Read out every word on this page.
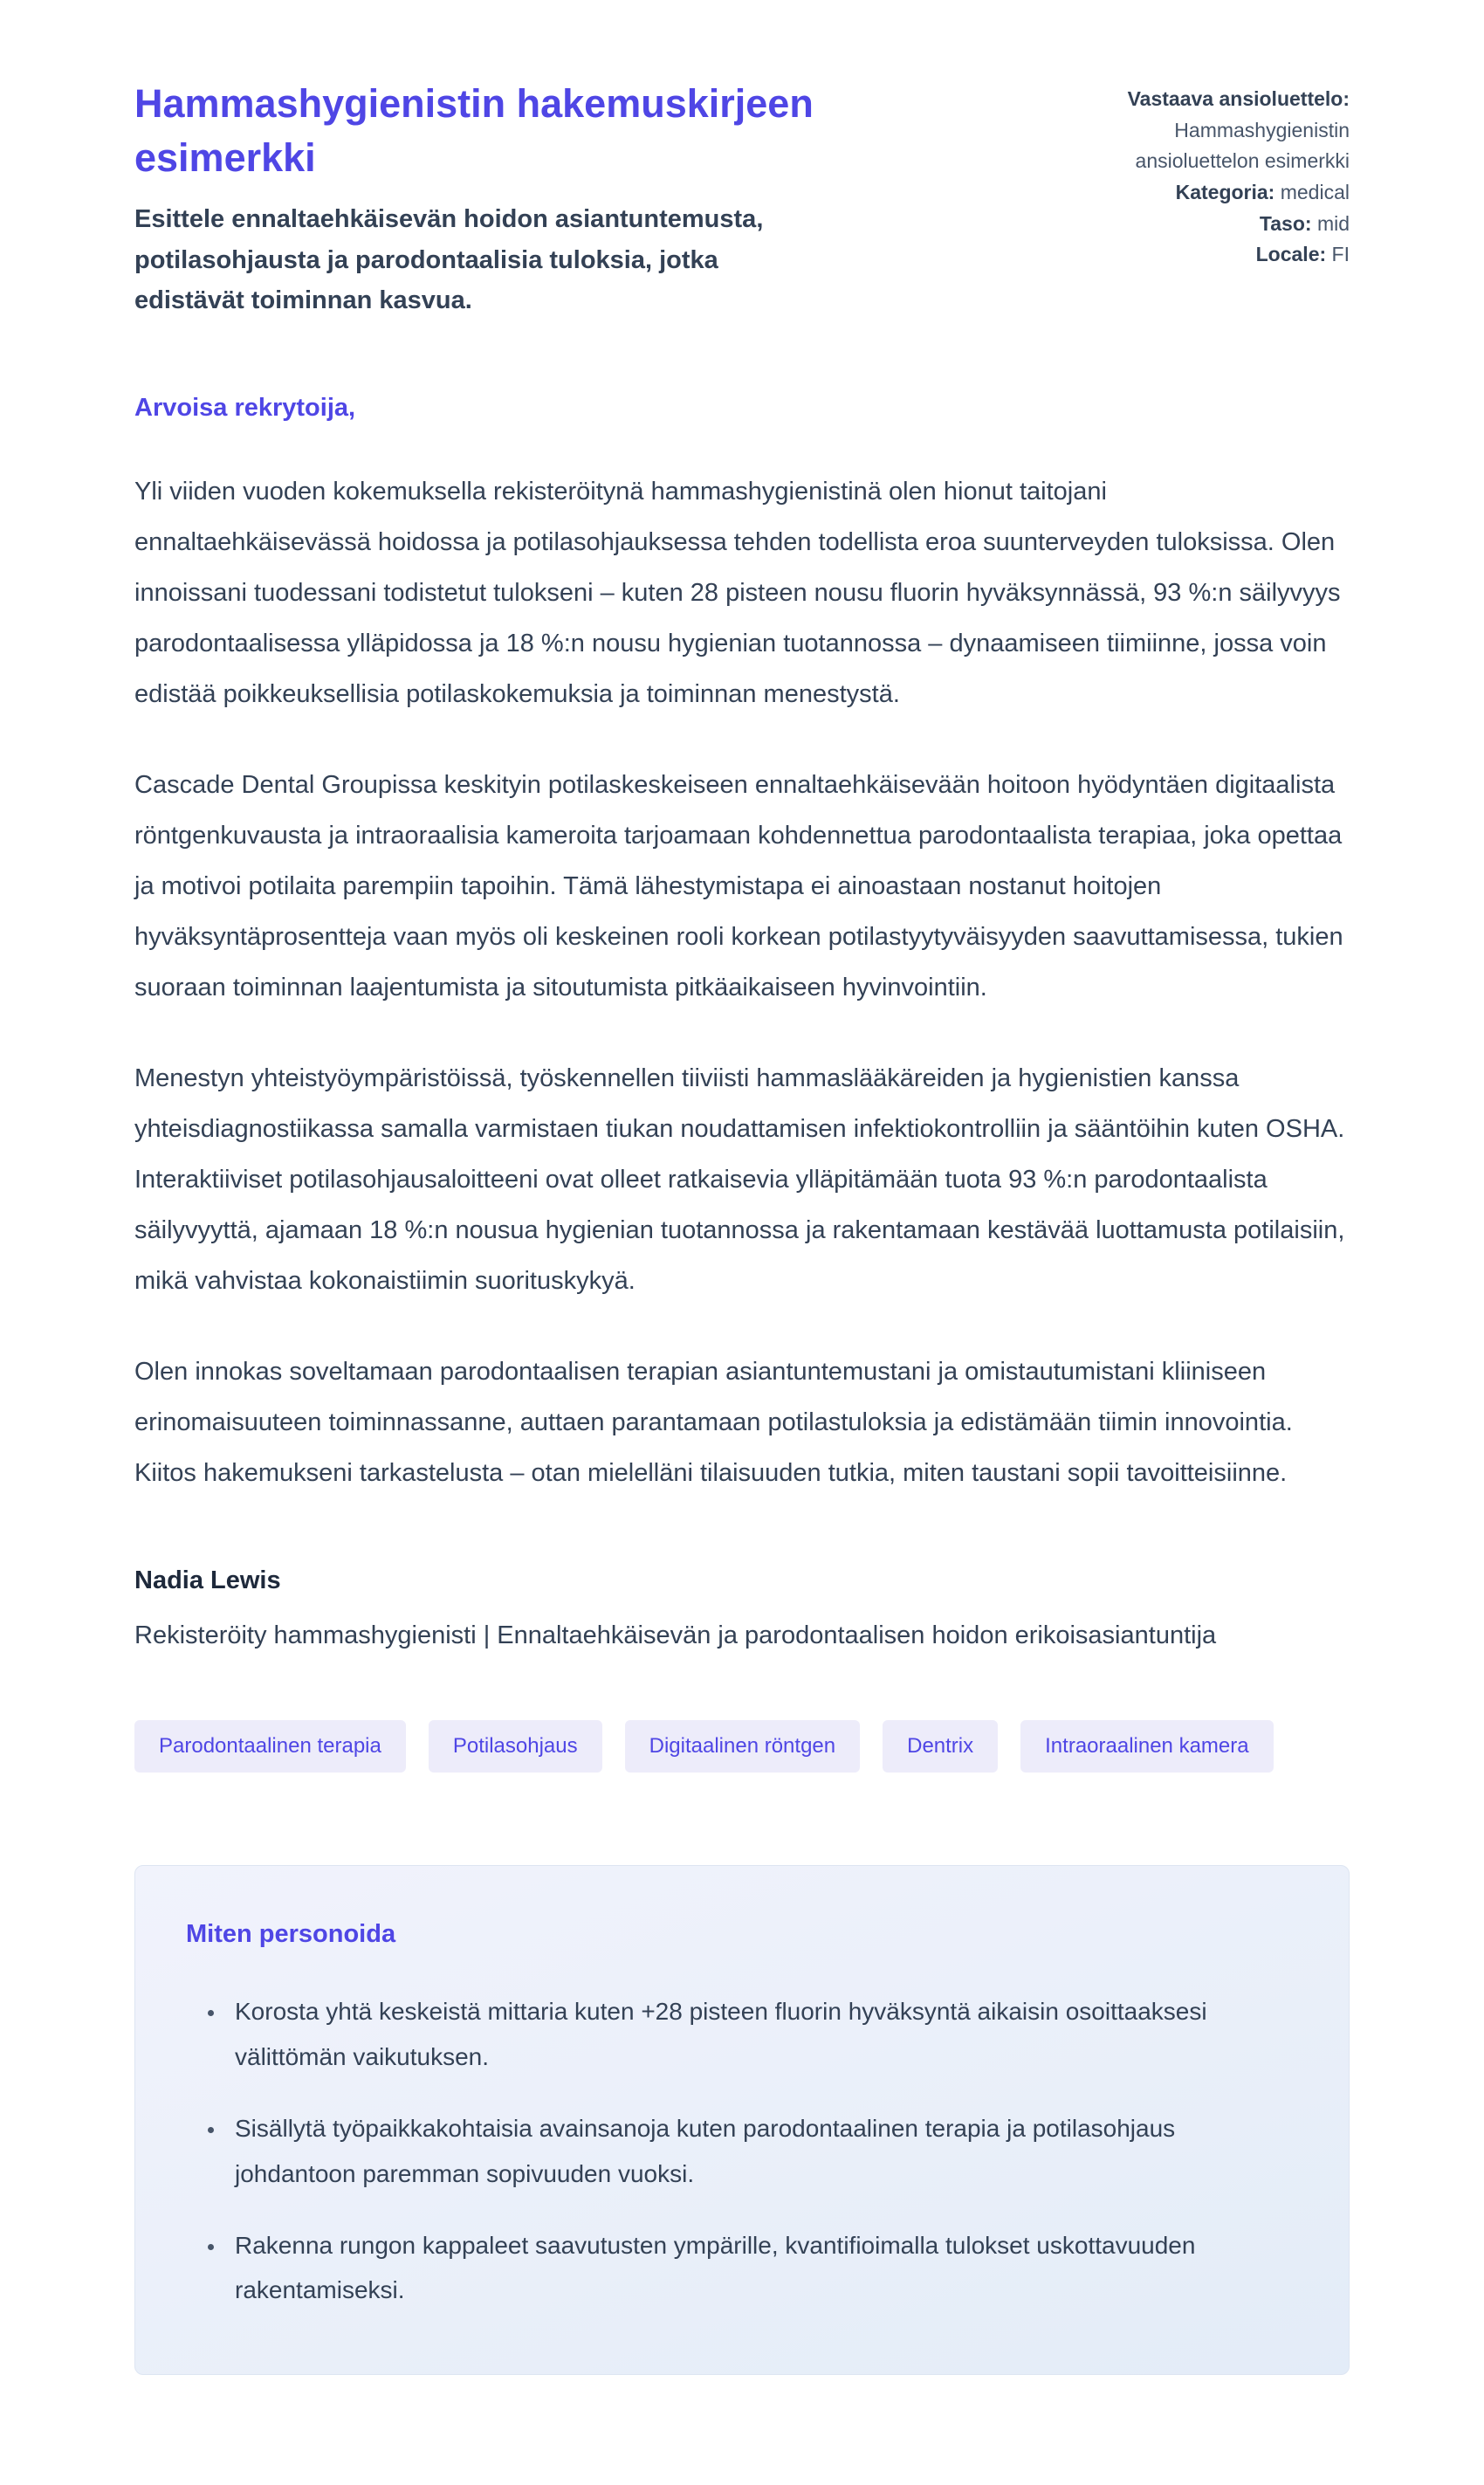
Hammashygienistin hakemuskirjeen esimerkki
Esittele ennaltaehkäisevän hoidon asiantuntemusta, potilasohjausta ja parodontaalisia tuloksia, jotka edistävät toiminnan kasvua.
Vastaava ansioluettelo: Hammashygienistin ansioluettelon esimerkki
Kategoria: medical
Taso: mid
Locale: FI
Arvoisa rekrytoija,

Yli viiden vuoden kokemuksella rekisteröitynä hammashygienistinä olen hionut taitojani ennaltaehkäisevässä hoidossa ja potilasohjauksessa tehden todellista eroa suunterveyden tuloksissa. Olen innoissani tuodessani todistetut tulokseni – kuten 28 pisteen nousu fluorin hyväksynnässä, 93 %:n säilyvyys parodontaalisessa ylläpidossa ja 18 %:n nousu hygienian tuotannossa – dynaamiseen tiimiinne, jossa voin edistää poikkeuksellisia potilaskokemuksia ja toiminnan menestystä.

Cascade Dental Groupissa keskityin potilaskeskeiseen ennaltaehkäisevään hoitoon hyödyntäen digitaalista röntgenkuvausta ja intraoraalisia kameroita tarjoamaan kohdennettua parodontaalista terapiaa, joka opettaa ja motivoi potilaita parempiin tapoihin. Tämä lähestymistapa ei ainoastaan nostanut hoitojen hyväksyntäprosentteja vaan myös oli keskeinen rooli korkean potilastyytyväisyyden saavuttamisessa, tukien suoraan toiminnan laajentumista ja sitoutumista pitkäaikaiseen hyvinvointiin.

Menestyn yhteistyöympäristöissä, työskennellen tiiviisti hammaslääkäreiden ja hygienistien kanssa yhteisdiagnostiikassa samalla varmistaen tiukan noudattamisen infektiokontrolliin ja sääntöihin kuten OSHA. Interaktiiviset potilasohjausaloitteeni ovat olleet ratkaisevia ylläpitämään tuota 93 %:n parodontaalista säilyvyyttä, ajamaan 18 %:n nousua hygienian tuotannossa ja rakentamaan kestävää luottamusta potilaisiin, mikä vahvistaa kokonaistiimin suorituskykyä.

Olen innokas soveltamaan parodontaalisen terapian asiantuntemustani ja omistautumistani kliiniseen erinomaisuuteen toiminnassanne, auttaen parantamaan potilastuloksia ja edistämään tiimin innovointia. Kiitos hakemukseni tarkastelusta – otan mielelläni tilaisuuden tutkia, miten taustani sopii tavoitteisiinne.

Nadia Lewis
Rekisteröity hammashygienisti | Ennaltaehkäisevän ja parodontaalisen hoidon erikoisasiantuntija
Parodontaalinen terapia	Potilasohjaus	Digitaalinen röntgen	Dentrix	Intraoraalinen kamera
Miten personoida
• Korosta yhtä keskeistä mittaria kuten +28 pisteen fluorin hyväksyntä aikaisin osoittaaksesi välittömän vaikutuksen.
• Sisällytä työpaikkakohtaisia avainsanoja kuten parodontaalinen terapia ja potilasohjaus johdantoon paremman sopivuuden vuoksi.
• Rakenna rungon kappaleet saavutusten ympärille, kvantifioimalla tulokset uskottavuuden rakentamiseksi.
